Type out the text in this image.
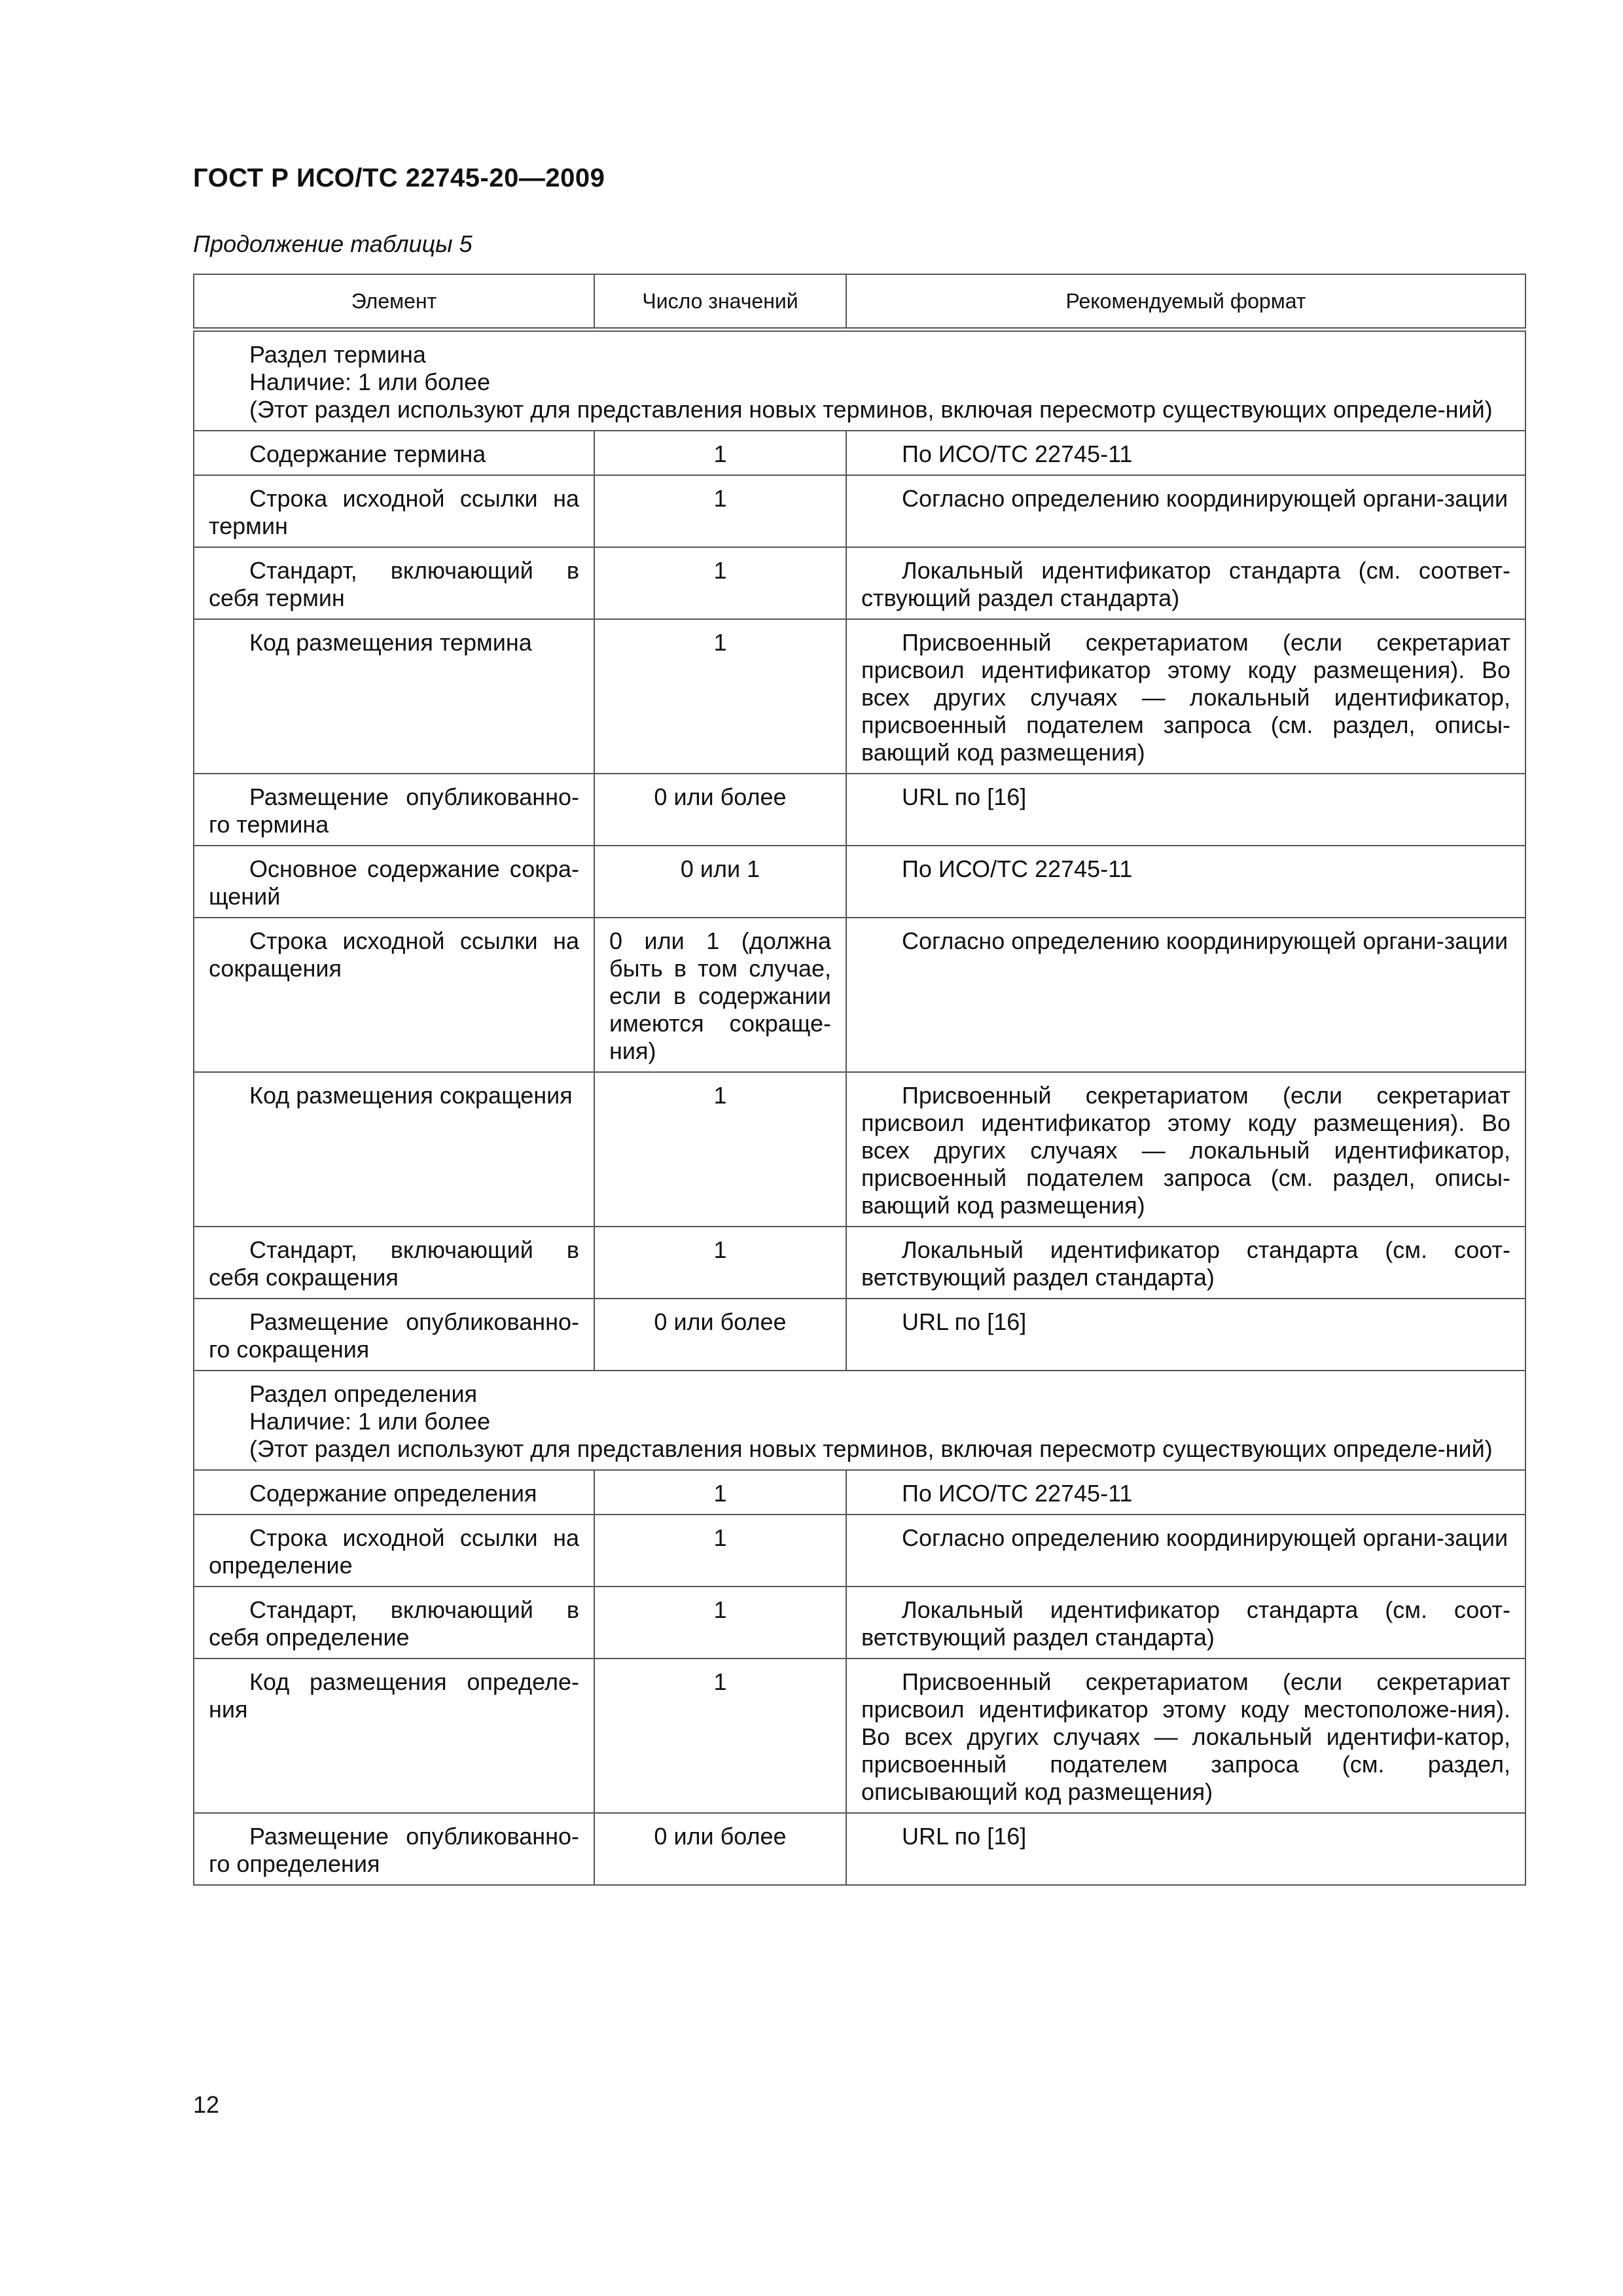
ГОСТ Р ИСО/ТС 22745-20—2009
Продолжение таблицы 5
Элемент	Число значений	Рекомендуемый формат

Раздел термина
Наличие: 1 или более
(Этот раздел используют для представления новых терминов, включая пересмотр существующих определе-ний)		

Содержание термина	1	По ИСО/ТС 22745-11
Строка исходной ссылки на термин	1	Согласно определению координирующей органи-зации
Стандарт, включающий в себя термин	1	Локальный идентификатор стандарта (см. соответ-ствующий раздел стандарта)
Код размещения термина	1	Присвоенный секретариатом (если секретариат присвоил идентификатор этому коду размещения). Во всех других случаях — локальный идентификатор, присвоенный подателем запроса (см. раздел, описы-вающий код размещения)
Размещение опубликованно-го термина	0 или более	URL по [16]
Основное содержание сокра-щений	0 или 1	По ИСО/ТС 22745-11
Строка исходной ссылки на сокращения	0 или 1 (должна быть в том случае, если в содержании имеются сокраще-ния)	Согласно определению координирующей органи-зации
Код размещения сокращения	1	Присвоенный секретариатом (если секретариат присвоил идентификатор этому коду размещения). Во всех других случаях — локальный идентификатор, присвоенный подателем запроса (см. раздел, описы-вающий код размещения)
Стандарт, включающий в себя сокращения	1	Локальный идентификатор стандарта (см. соот-ветствующий раздел стандарта)
Размещение опубликованно-го сокращения	0 или более	URL по [16]

Раздел определения
Наличие: 1 или более
(Этот раздел используют для представления новых терминов, включая пересмотр существующих определе-ний)		

Содержание определения	1	По ИСО/ТС 22745-11
Строка исходной ссылки на определение	1	Согласно определению координирующей органи-зации
Стандарт, включающий в себя определение	1	Локальный идентификатор стандарта (см. соот-ветствующий раздел стандарта)
Код размещения определе-ния	1	Присвоенный секретариатом (если секретариат присвоил идентификатор этому коду местоположе-ния). Во всех других случаях — локальный идентифи-катор, присвоенный подателем запроса (см. раздел, описывающий код размещения)
Размещение опубликованно-го определения	0 или более	URL по [16]
12
